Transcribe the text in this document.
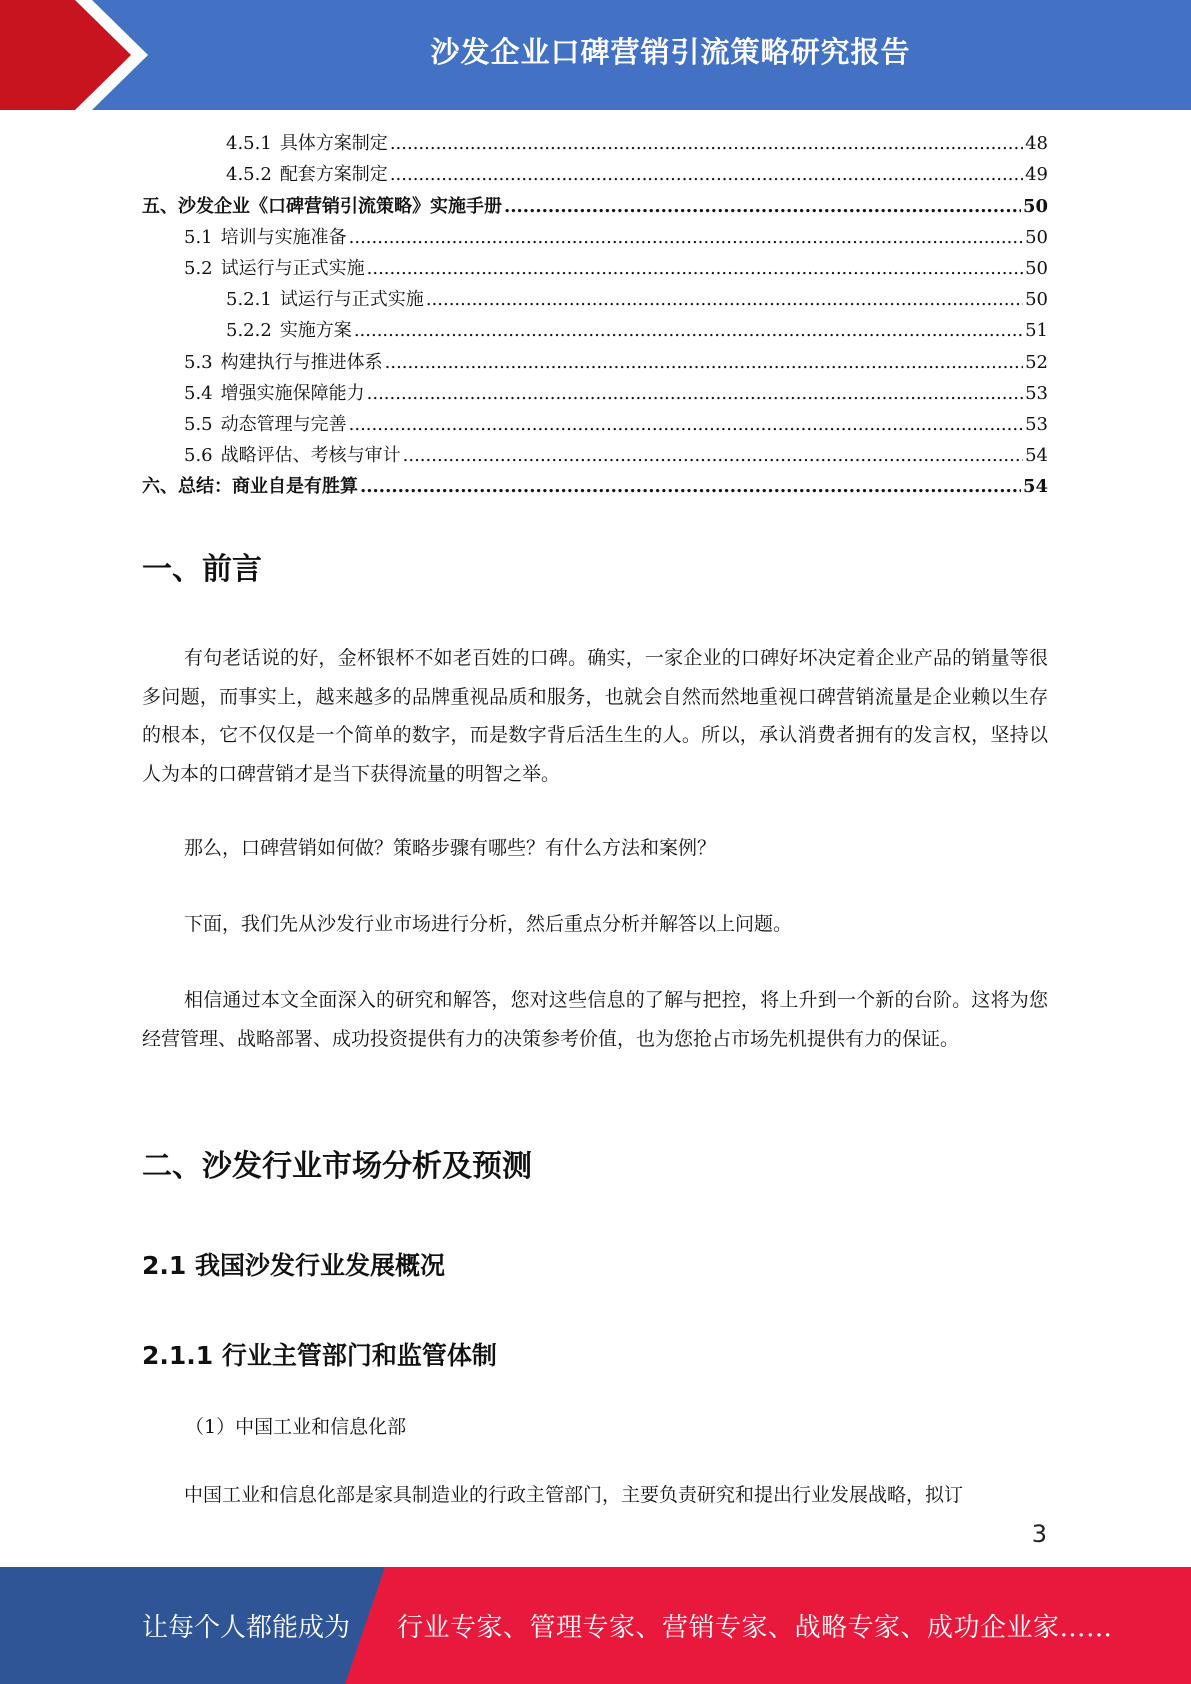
沙发企业口碑营销引流策略研究报告
4.5.1 具体方案制定 .....	48
4.5.2 配套方案制定 .....	49
五、沙发企业《口碑营销引流策略》实施手册 .....	50
5.1 培训与实施准备 .....	50
5.2 试运行与正式实施 .....	50
5.2.1 试运行与正式实施 .....	50
5.2.2 实施方案 .....	51
5.3 构建执行与推进体系 .....	52
5.4 增强实施保障能力 .....	53
5.5 动态管理与完善 .....	53
5.6 战略评估、考核与审计 .....	54
六、总结：商业自是有胜算 .....	54
一、前言

有句老话说的好，金杯银杯不如老百姓的口碑。确实，一家企业的口碑好坏决定着企业产品的销量等很多问题，而事实上，越来越多的品牌重视品质和服务，也就会自然而然地重视口碑营销流量是企业赖以生存的根本，它不仅仅是一个简单的数字，而是数字背后活生生的人。所以，承认消费者拥有的发言权，坚持以人为本的口碑营销才是当下获得流量的明智之举。

那么，口碑营销如何做？策略步骤有哪些？有什么方法和案例？

下面，我们先从沙发行业市场进行分析，然后重点分析并解答以上问题。

相信通过本文全面深入的研究和解答，您对这些信息的了解与把控，将上升到一个新的台阶。这将为您经营管理、战略部署、成功投资提供有力的决策参考价值，也为您抢占市场先机提供有力的保证。

二、沙发行业市场分析及预测
2.1 我国沙发行业发展概况
2.1.1 行业主管部门和监管体制

（1）中国工业和信息化部

中国工业和信息化部是家具制造业的行政主管部门，主要负责研究和提出行业发展战略，拟订

3
让每个人都能成为 行业专家、管理专家、营销专家、战略专家、成功企业家……
